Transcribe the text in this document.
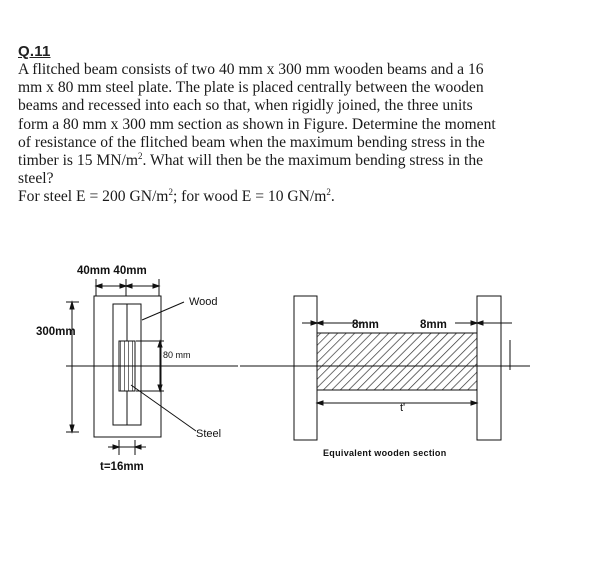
Q.11
A flitched beam consists of two 40 mm x 300 mm wooden beams and a 16
mm x 80 mm steel plate. The plate is placed centrally between the wooden
beams and recessed into each so that, when rigidly joined, the three units
form a 80 mm x 300 mm section as shown in Figure. Determine the moment
of resistance of the flitched beam when the maximum bending stress in the
timber is 15 $MN/m^2$. What will then be the maximum bending stress in the
steel?
For steel E = 200 $GN/m^2$; for wood E = 10 $GN/m^2$.
40mm 40mm
300mm
Wood
80 mm
Steel
t=16mm
8mm	8mm
t'
Equivalent wooden section
